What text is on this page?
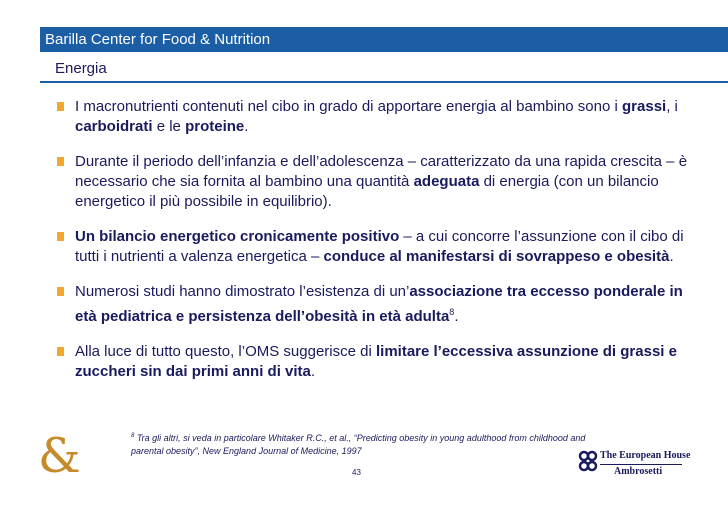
Barilla Center for Food & Nutrition
Energia
I macronutrienti contenuti nel cibo in grado di apportare energia al bambino sono i grassi, i carboidrati e le proteine.
Durante il periodo dell’infanzia e dell’adolescenza – caratterizzato da una rapida crescita – è necessario che sia fornita al bambino una quantità adeguata di energia (con un bilancio energetico il più possibile in equilibrio).
Un bilancio energetico cronicamente positivo – a cui concorre l’assunzione con il cibo di tutti i nutrienti a valenza energetica – conduce al manifestarsi di sovrappeso e obesità.
Numerosi studi hanno dimostrato l’esistenza di un’associazione tra eccesso ponderale in età pediatrica e persistenza dell’obesità in età adulta$^8$.
Alla luce di tutto questo, l’OMS suggerisce di limitare l’eccessiva assunzione di grassi e zuccheri sin dai primi anni di vita.
$^8$ Tra gli altri, si veda in particolare Whitaker R.C., et al., “Predicting obesity in young adulthood from childhood and parental obesity”, New England Journal of Medicine, 1997
43
&	The European House
Ambrosetti
